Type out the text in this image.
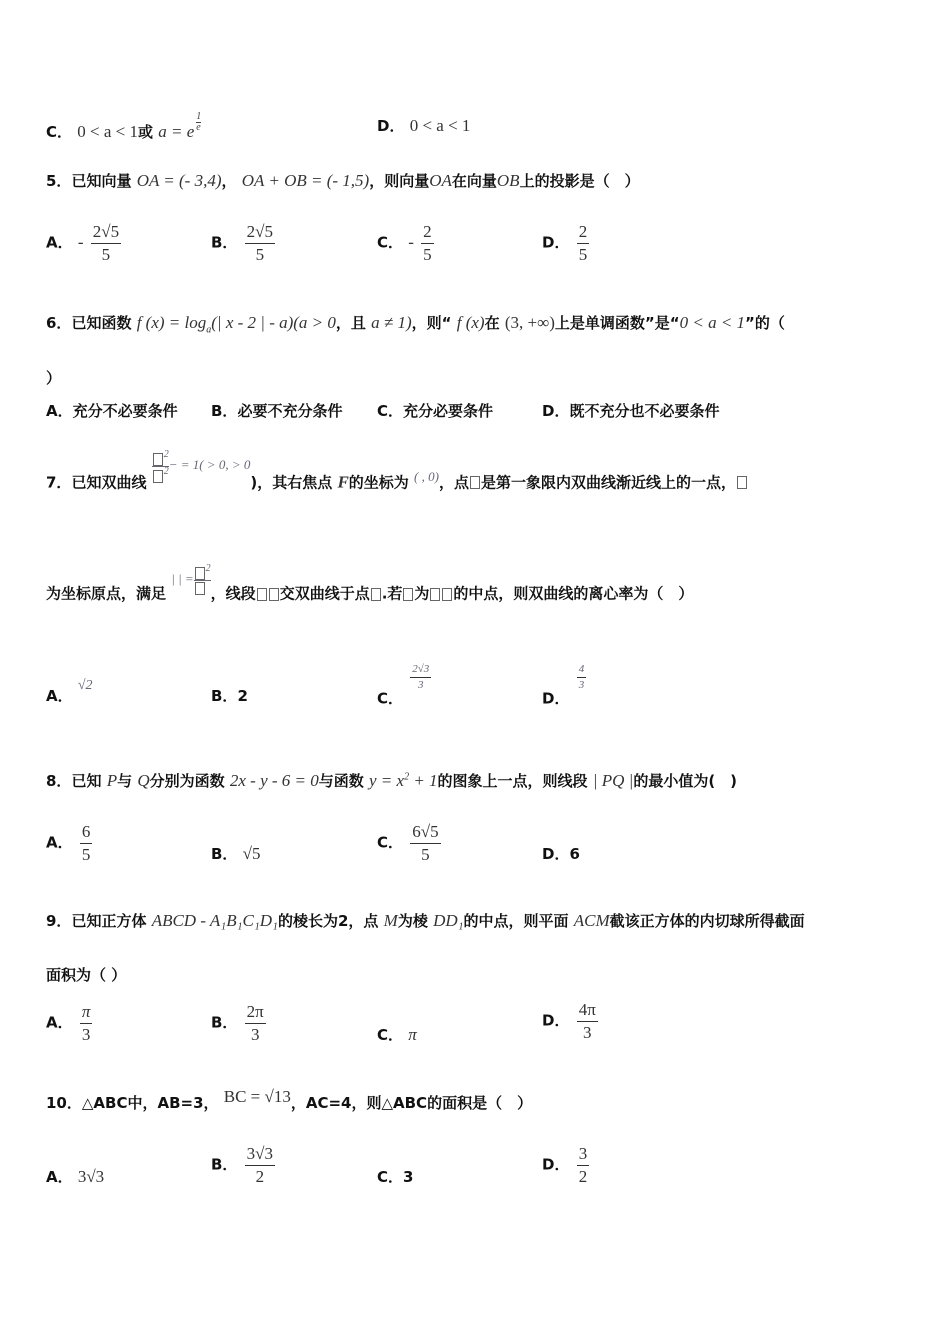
C． 0 < a < 1或 a = e $\frac{1}{e}$	D． 0 < a < 1
5．已知向量 OA = (- 3,4)， OA + OB = (- 1,5)，则向量OA在向量OB上的投影是（　）
A． - $\frac{2√5}{5}$	B． $\frac{2√5}{5}$	C． - $\frac{2}{5}$	D． $\frac{2}{5}$
6．已知函数 f $(x) = \log_a(|$ x - 2 | - a)(a > 0，且 a ≠ 1)，则“ f (x)在 (3, +∞)上是单调函数”是“0 < a < 1”的（
）
A．充分不必要条件 B．必要不充分条件 C．充分必要条件	D．既不充分也不必要条件
7．已知双曲线 $\frac{^2}{^2}$ − = 1( > 0, > 0)，其右焦点 F的坐标为 ( , 0)，点 是第一象限内双曲线渐近线上的一点，
为坐标原点，满足 | | =
$^2$
，线段 交双曲线于点 .若 为 的中点，则双曲线的离心率为（　）
A． √2
B．2	C．
$\frac{2√3}{3}$
D．
$\frac{4}{3}$
8．已知 P与 Q分别为函数 2x - y - 6 = 0与函数 $y = x^2 + 1$的图象上一点，则线段 | PQ |的最小值为(　)
A． $\frac{6}{5}$	B． √5
C． $\frac{6√5}{5}$	D．6
9．已知正方体 ABCD - A₁B₁C₁D₁的棱长为2，点 M为棱 DD₁的中点，则平面 ACM截该正方体的内切球所得截面
面积为（ ）
A． $\frac{\pi}{3}$	B． $\frac{2\pi}{3}$	C． π
D． $\frac{4\pi}{3}$
10．△ABC中，AB=3， BC = √13，AC=4，则△ABC的面积是（　）
A． 3√3
B． $\frac{3√3}{2}$	C．3
D． $\frac{3}{2}$
